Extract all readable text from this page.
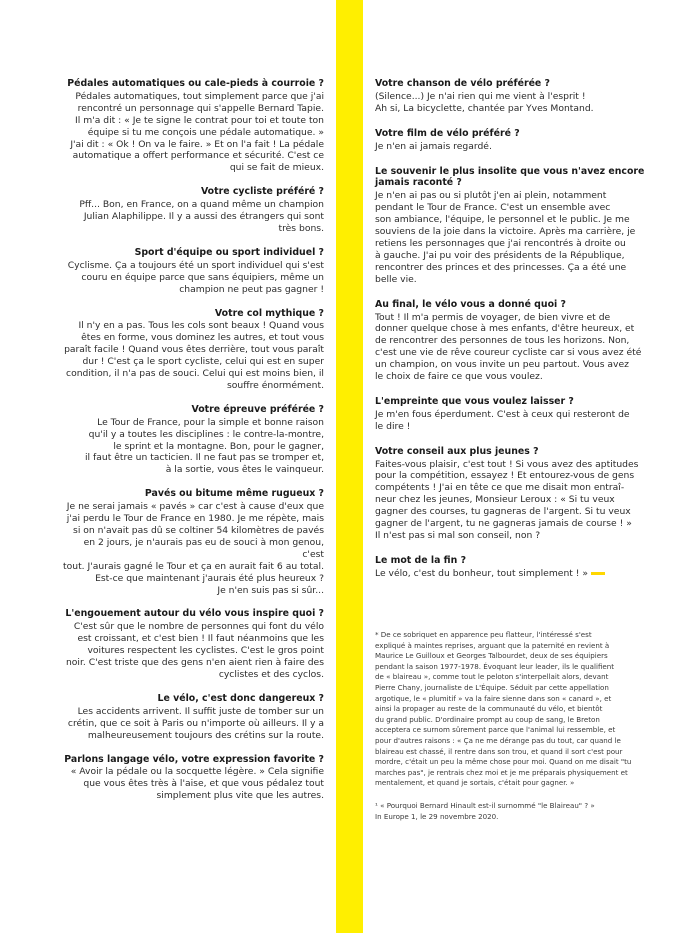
Pédales automatiques ou cale-pieds à courroie ?

Pédales automatiques, tout simplement parce que j'ai
rencontré un personnage qui s'appelle Bernard Tapie.
Il m'a dit : « Je te signe le contrat pour toi et toute ton
équipe si tu me conçois une pédale automatique. »
J'ai dit : « Ok ! On va le faire. » Et on l'a fait ! La pédale
automatique a offert performance et sécurité. C'est ce
qui se fait de mieux.

Votre cycliste préféré ?

Pff... Bon, en France, on a quand même un champion
Julian Alaphilippe. Il y a aussi des étrangers qui sont
très bons.

Sport d'équipe ou sport individuel ?

Cyclisme. Ça a toujours été un sport individuel qui s'est
couru en équipe parce que sans équipiers, même un
champion ne peut pas gagner !

Votre col mythique ?

Il n'y en a pas. Tous les cols sont beaux ! Quand vous
êtes en forme, vous dominez les autres, et tout vous
paraît facile ! Quand vous êtes derrière, tout vous paraît
dur ! C'est ça le sport cycliste, celui qui est en super
condition, il n'a pas de souci. Celui qui est moins bien, il
souffre énormément.

Votre épreuve préférée ?

Le Tour de France, pour la simple et bonne raison
qu'il y a toutes les disciplines : le contre-la-montre,
le sprint et la montagne. Bon, pour le gagner,
il faut être un tacticien. Il ne faut pas se tromper et,
à la sortie, vous êtes le vainqueur.

Pavés ou bitume même rugueux ?

Je ne serai jamais « pavés » car c'est à cause d'eux que
j'ai perdu le Tour de France en 1980. Je me répète, mais
si on n'avait pas dû se coltiner 54 kilomètres de pavés
en 2 jours, je n'aurais pas eu de souci à mon genou, c'est
tout. J'aurais gagné le Tour et ça en aurait fait 6 au total.
Est-ce que maintenant j'aurais été plus heureux ?
Je n'en suis pas si sûr...

L'engouement autour du vélo vous inspire quoi ?

C'est sûr que le nombre de personnes qui font du vélo
est croissant, et c'est bien ! Il faut néanmoins que les
voitures respectent les cyclistes. C'est le gros point
noir. C'est triste que des gens n'en aient rien à faire des
cyclistes et des cyclos.

Le vélo, c'est donc dangereux ?

Les accidents arrivent. Il suffit juste de tomber sur un
crétin, que ce soit à Paris ou n'importe où ailleurs. Il y a
malheureusement toujours des crétins sur la route.

Parlons langage vélo, votre expression favorite ?

« Avoir la pédale ou la socquette légère. » Cela signifie
que vous êtes très à l'aise, et que vous pédalez tout
simplement plus vite que les autres.

Votre chanson de vélo préférée ?

(Silence...) Je n'ai rien qui me vient à l'esprit !
Ah si, La bicyclette, chantée par Yves Montand.

Votre film de vélo préféré ?

Je n'en ai jamais regardé.

Le souvenir le plus insolite que vous n'avez encore
jamais raconté ?

Je n'en ai pas ou si plutôt j'en ai plein, notamment
pendant le Tour de France. C'est un ensemble avec
son ambiance, l'équipe, le personnel et le public. Je me
souviens de la joie dans la victoire. Après ma carrière, je
retiens les personnages que j'ai rencontrés à droite ou
à gauche. J'ai pu voir des présidents de la République,
rencontrer des princes et des princesses. Ça a été une
belle vie.

Au final, le vélo vous a donné quoi ?

Tout ! Il m'a permis de voyager, de bien vivre et de
donner quelque chose à mes enfants, d'être heureux, et
de rencontrer des personnes de tous les horizons. Non,
c'est une vie de rêve coureur cycliste car si vous avez été
un champion, on vous invite un peu partout. Vous avez
le choix de faire ce que vous voulez.

L'empreinte que vous voulez laisser ?

Je m'en fous éperdument. C'est à ceux qui resteront de
le dire !

Votre conseil aux plus jeunes ?

Faites-vous plaisir, c'est tout ! Si vous avez des aptitudes
pour la compétition, essayez ! Et entourez-vous de gens
compétents ! J'ai en tête ce que me disait mon entraî-
neur chez les jeunes, Monsieur Leroux : « Si tu veux
gagner des courses, tu gagneras de l'argent. Si tu veux
gagner de l'argent, tu ne gagneras jamais de course ! »
Il n'est pas si mal son conseil, non ?

Le mot de la fin ?

Le vélo, c'est du bonheur, tout simplement ! »

* De ce sobriquet en apparence peu flatteur, l'intéressé s'est
expliqué à maintes reprises, arguant que la paternité en revient à
Maurice Le Guilloux et Georges Talbourdet, deux de ses équipiers
pendant la saison 1977-1978. Évoquant leur leader, ils le qualifient
de « blaireau », comme tout le peloton s'interpellait alors, devant
Pierre Chany, journaliste de L'Équipe. Séduit par cette appellation
argotique, le « plumitif » va la faire sienne dans son « canard », et
ainsi la propager au reste de la communauté du vélo, et bientôt
du grand public. D'ordinaire prompt au coup de sang, le Breton
acceptera ce surnom sûrement parce que l'animal lui ressemble, et
pour d'autres raisons : « Ça ne me dérange pas du tout, car quand le
blaireau est chassé, il rentre dans son trou, et quand il sort c'est pour
mordre, c'était un peu la même chose pour moi. Quand on me disait "tu
marches pas", je rentrais chez moi et je me préparais physiquement et
mentalement, et quand je sortais, c'était pour gagner. »

¹ « Pourquoi Bernard Hinault est-il surnommé "le Blaireau" ? »
In Europe 1, le 29 novembre 2020.
